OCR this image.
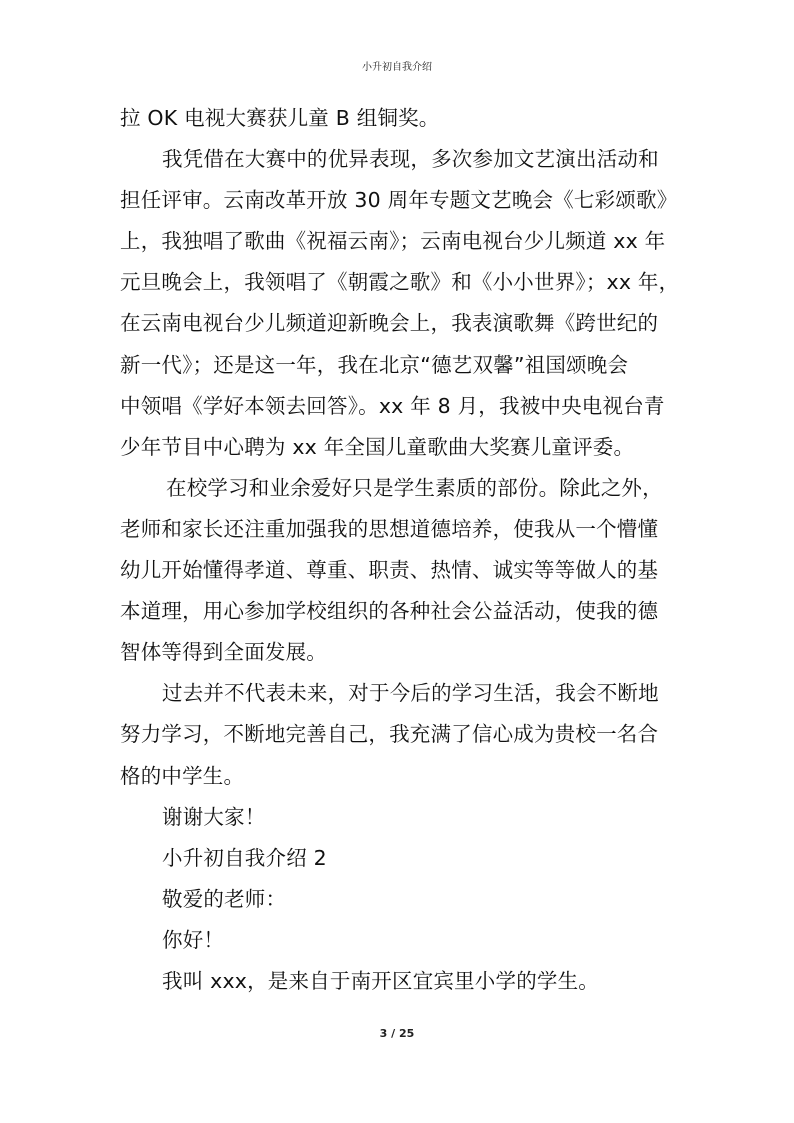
小升初自我介绍
拉 OK 电视大赛获儿童 B 组铜奖。
我凭借在大赛中的优异表现，多次参加文艺演出活动和
担任评审。云南改革开放 30 周年专题文艺晚会《七彩颂歌》
上，我独唱了歌曲《祝福云南》；云南电视台少儿频道 xx 年
元旦晚会上，我领唱了《朝霞之歌》和《小小世界》；xx 年，
在云南电视台少儿频道迎新晚会上，我表演歌舞《跨世纪的
新一代》；还是这一年，我在北京“德艺双馨”祖国颂晚会
中领唱《学好本领去回答》。xx 年 8 月，我被中央电视台青
少年节目中心聘为 xx 年全国儿童歌曲大奖赛儿童评委。
在校学习和业余爱好只是学生素质的部份。除此之外，
老师和家长还注重加强我的思想道德培养，使我从一个懵懂
幼儿开始懂得孝道、尊重、职责、热情、诚实等等做人的基
本道理，用心参加学校组织的各种社会公益活动，使我的德
智体等得到全面发展。
过去并不代表未来，对于今后的学习生活，我会不断地
努力学习，不断地完善自己，我充满了信心成为贵校一名合
格的中学生。
谢谢大家！
小升初自我介绍 2
敬爱的老师：
你好！
我叫 xxx，是来自于南开区宜宾里小学的学生。
3 / 25
